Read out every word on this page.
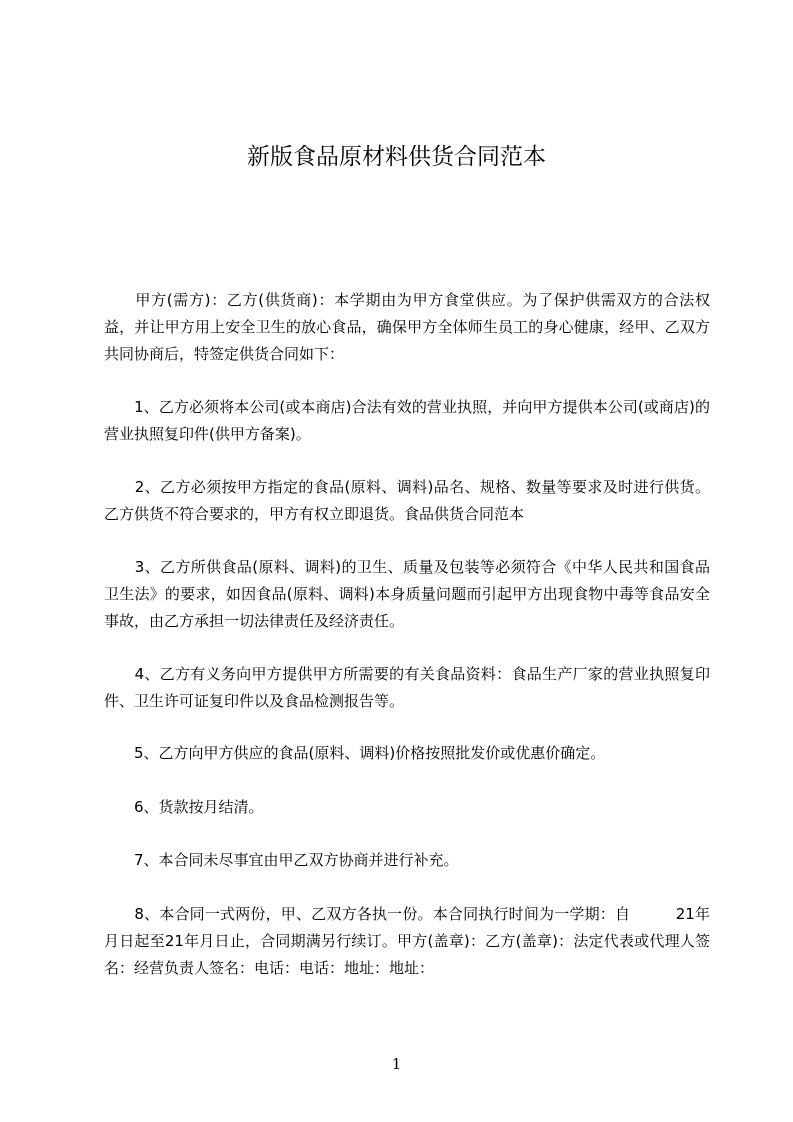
新版食品原材料供货合同范本

　　甲方(需方)：乙方(供货商)：本学期由为甲方食堂供应。为了保护供需双方的合法权益，并让甲方用上安全卫生的放心食品，确保甲方全体师生员工的身心健康，经甲、乙双方共同协商后，特签定供货合同如下：

　　1、乙方必须将本公司(或本商店)合法有效的营业执照，并向甲方提供本公司(或商店)的营业执照复印件(供甲方备案)。

　　2、乙方必须按甲方指定的食品(原料、调料)品名、规格、数量等要求及时进行供货。乙方供货不符合要求的，甲方有权立即退货。食品供货合同范本

　　3、乙方所供食品(原料、调料)的卫生、质量及包装等必须符合《中华人民共和国食品卫生法》的要求，如因食品(原料、调料)本身质量问题而引起甲方出现食物中毒等食品安全事故，由乙方承担一切法律责任及经济责任。

　　4、乙方有义务向甲方提供甲方所需要的有关食品资料：食品生产厂家的营业执照复印件、卫生许可证复印件以及食品检测报告等。

　　5、乙方向甲方供应的食品(原料、调料)价格按照批发价或优惠价确定。

　　6、货款按月结清。

　　7、本合同未尽事宜由甲乙双方协商并进行补充。

　　8、本合同一式两份，甲、乙双方各执一份。本合同执行时间为一学期：自　　　21年月日起至21年月日止，合同期满另行续订。甲方(盖章)：乙方(盖章)：法定代表或代理人签名：经营负责人签名：电话：电话：地址：地址：

1
